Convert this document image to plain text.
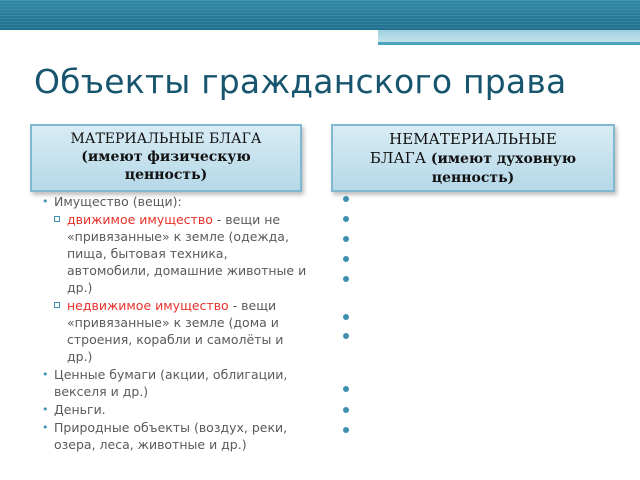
Объекты гражданского права
МАТЕРИАЛЬНЫЕ БЛАГА
(имеют физическую
ценность)
НЕМАТЕРИАЛЬНЫЕ
БЛАГА (имеют духовную
ценность)
• Имущество (вещи):
движимое имущество - вещи не «привязанные» к земле (одежда, пища, бытовая техника, автомобили, домашние животные и др.)
недвижимое имущество - вещи «привязанные» к земле (дома и строения, корабли и самолёты и др.)
• Ценные бумаги (акции, облигации, векселя и др.)
• Деньги.
• Природные объекты (воздух, реки, озера, леса, животные и др.)
